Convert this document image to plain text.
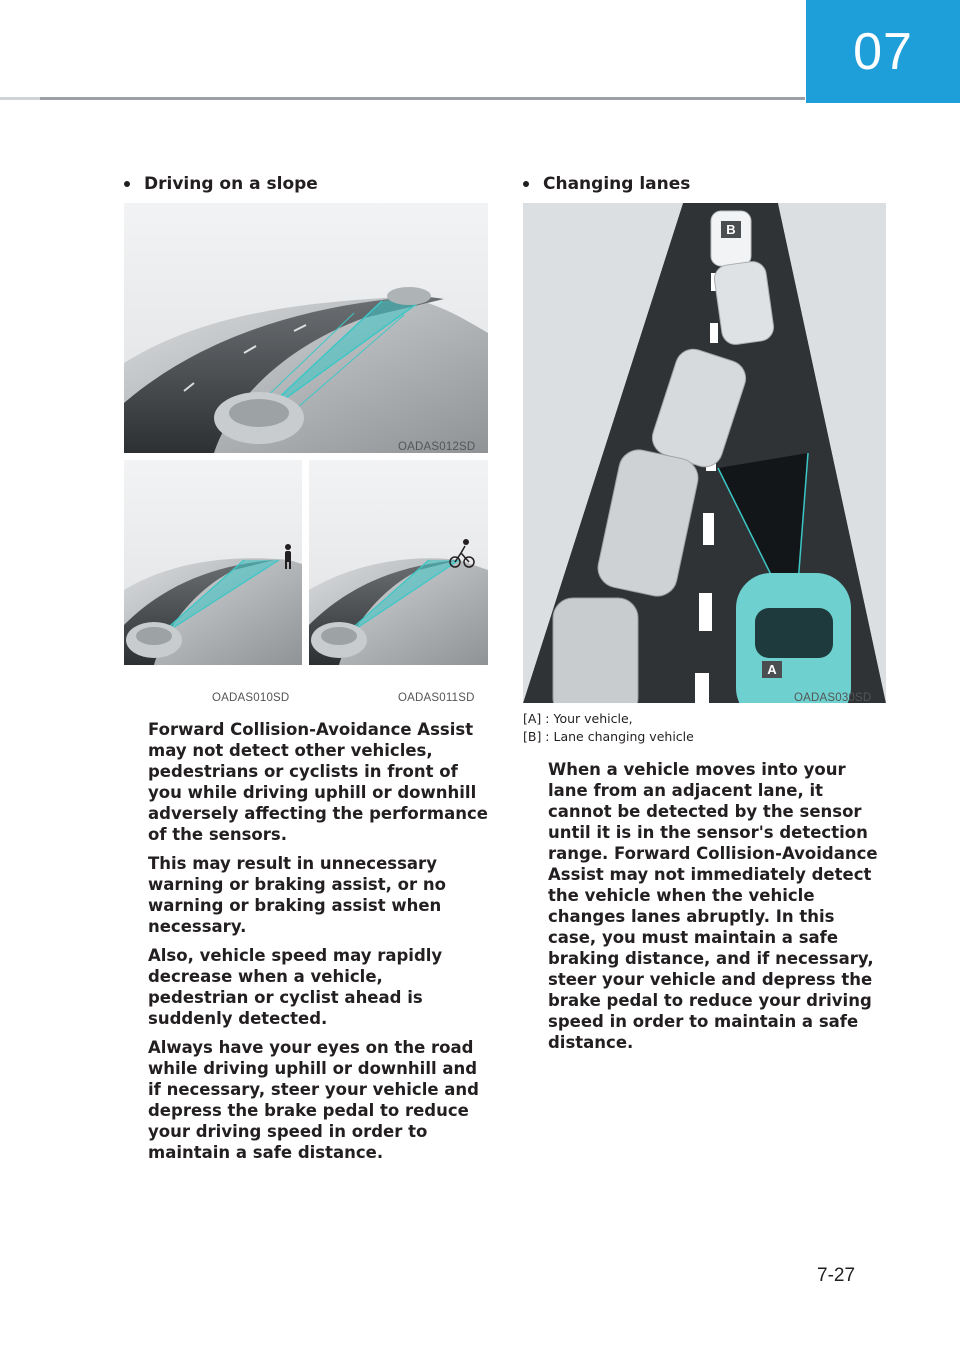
07
Driving on a slope
OADAS012SD
OADAS010SD	OADAS011SD

Forward Collision-Avoidance Assist may not detect other vehicles, pedestrians or cyclists in front of you while driving uphill or downhill adversely affecting the performance of the sensors.

This may result in unnecessary warning or braking assist, or no warning or braking assist when necessary.

Also, vehicle speed may rapidly decrease when a vehicle, pedestrian or cyclist ahead is suddenly detected.

Always have your eyes on the road while driving uphill or downhill and if necessary, steer your vehicle and depress the brake pedal to reduce your driving speed in order to maintain a safe distance.

Changing lanes
B
A
OADAS030SD
[A] : Your vehicle,
[B] : Lane changing vehicle

When a vehicle moves into your lane from an adjacent lane, it cannot be detected by the sensor until it is in the sensor's detection range. Forward Collision-Avoidance Assist may not immediately detect the vehicle when the vehicle changes lanes abruptly. In this case, you must maintain a safe braking distance, and if necessary, steer your vehicle and depress the brake pedal to reduce your driving speed in order to maintain a safe distance.

7-27
